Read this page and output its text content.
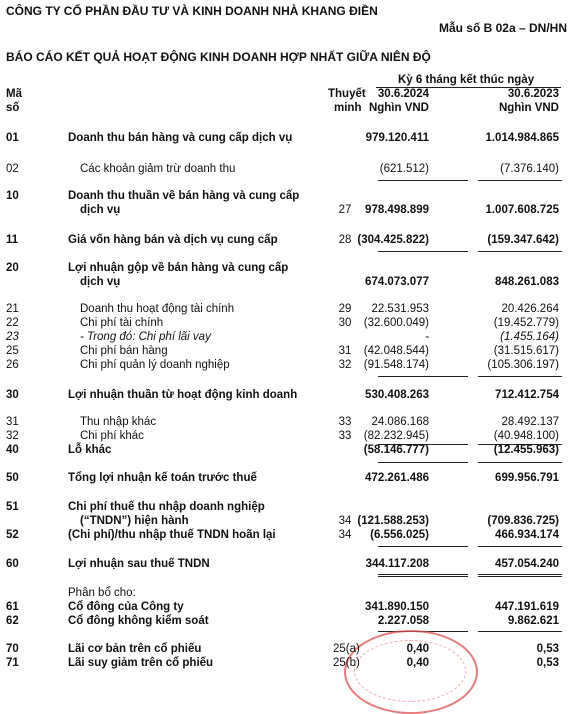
CÔNG TY CỔ PHẦN ĐẦU TƯ VÀ KINH DOANH NHÀ KHANG ĐIỀN
Mẫu số B 02a – DN/HN
BÁO CÁO KẾT QUẢ HOẠT ĐỘNG KINH DOANH HỢP NHẤT GIỮA NIÊN ĐỘ
Mã
số
Thuyết
minh
Kỳ 6 tháng kết thúc ngày
30.6.2024	30.6.2023
Nghìn VND	Nghìn VND
01	Doanh thu bán hàng và cung cấp dịch vụ	979.120.411	1.014.984.865
02	Các khoản giảm trừ doanh thu	(621.512)	(7.376.140)
10	Doanh thu thuần về bán hàng và cung cấp
dịch vụ	27	978.498.899	1.007.608.725
11	Giá vốn hàng bán và dịch vụ cung cấp	28 (304.425.822)	(159.347.642)
20	Lợi nhuận gộp về bán hàng và cung cấp
dịch vụ	674.073.077	848.261.083
21	Doanh thu hoạt động tài chính	29	22.531.953	20.426.264
22	Chi phí tài chính	30	(32.600.049)	(19.452.779)
23	- Trong đó: Chi phí lãi vay	-	(1.455.164)
25	Chi phí bán hàng	31	(42.048.544)	(31.515.617)
26	Chi phí quản lý doanh nghiệp	32	(91.548.174)	(105.306.197)
30	Lợi nhuận thuần từ hoạt động kinh doanh	530.408.263	712.412.754
31	Thu nhập khác	33	24.086.168	28.492.137
32	Chi phí khác	33	(82.232.945)	(40.948.100)
40	Lỗ khác	(58.146.777)	(12.455.963)
50	Tổng lợi nhuận kế toán trước thuế	472.261.486	699.956.791
51	Chi phí thuế thu nhập doanh nghiệp
(“TNDN”) hiện hành	34 (121.588.253)	(709.836.725)
52	(Chi phí)/thu nhập thuế TNDN hoãn lại	34	(6.556.025)	466.934.174
60	Lợi nhuận sau thuế TNDN	344.117.208	457.054.240
Phân bổ cho:
61	Cổ đông của Công ty	341.890.150	447.191.619
62	Cổ đông không kiểm soát	2.227.058	9.862.621
70	Lãi cơ bản trên cổ phiếu	25(a)	0,40	0,53
71	Lãi suy giảm trên cổ phiếu	25(b)	0,40	0,53
